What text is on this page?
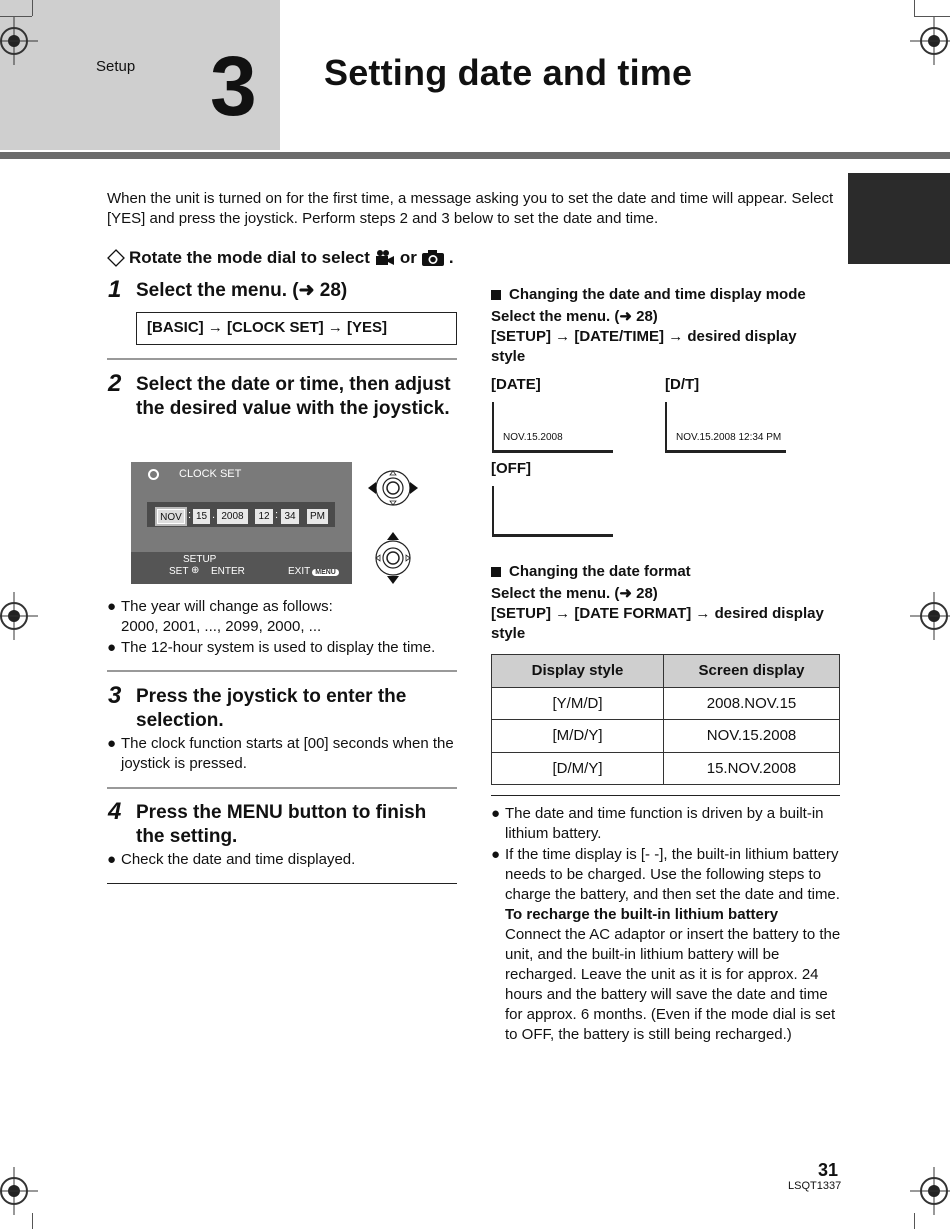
Setup 3 Setting date and time
When the unit is turned on for the first time, a message asking you to set the date and time will appear. Select [YES] and press the joystick. Perform steps 2 and 3 below to set the date and time.
Rotate the mode dial to select or .
1 Select the menu. (➜ 28)
[BASIC] → [CLOCK SET] → [YES]
2 Select the date or time, then adjust the desired value with the joystick.
CLOCK SET
NOV : 15 . 2008	12 : 34	PM
SETUP
SET ⊕ ENTER	EXIT MENU
● The year will change as follows:
2000, 2001, ..., 2099, 2000, ...
● The 12-hour system is used to display the time.
3 Press the joystick to enter the selection.
● The clock function starts at [00] seconds when the joystick is pressed.
4 Press the MENU button to finish the setting.
● Check the date and time displayed.
Changing the date and time display mode
Select the menu. (➜ 28)
[SETUP] → [DATE/TIME] → desired display style
[DATE]
NOV.15.2008
[D/T]
NOV.15.2008 12:34 PM
[OFF]
Changing the date format
Select the menu. (➜ 28)
[SETUP] → [DATE FORMAT] → desired display style
Display style	Screen display
[Y/M/D]	2008.NOV.15
[M/D/Y]	NOV.15.2008
[D/M/Y]	15.NOV.2008
● The date and time function is driven by a built-in lithium battery.
● If the time display is [- -], the built-in lithium battery needs to be charged. Use the following steps to charge the battery, and then set the date and time.
To recharge the built-in lithium battery
Connect the AC adaptor or insert the battery to the unit, and the built-in lithium battery will be recharged. Leave the unit as it is for approx. 24 hours and the battery will save the date and time for approx. 6 months. (Even if the mode dial is set to OFF, the battery is still being recharged.)
31
LSQT1337
